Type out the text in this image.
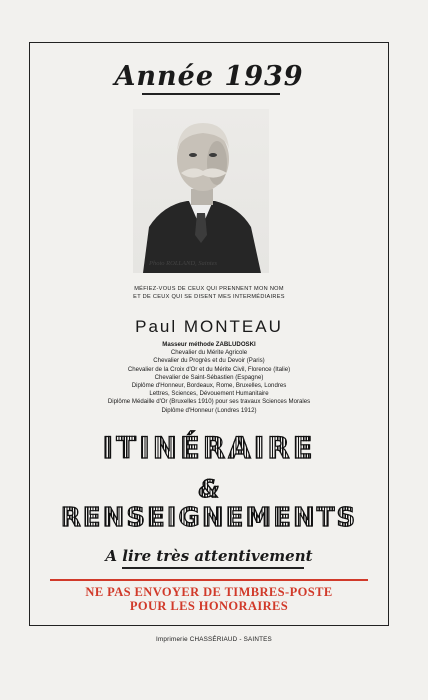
Année 1939
Photo ROLLAND, Saintes
MÉFIEZ-VOUS DE CEUX QUI PRENNENT MON NOM
ET DE CEUX QUI SE DISENT MES INTERMÉDIAIRES
Paul MONTEAU
Masseur méthode ZABLUDOSKI
Chevalier du Mérite Agricole
Chevalier du Progrès et du Devoir (Paris)
Chevalier de la Croix d'Or et du Mérite Civil, Florence (Italie)
Chevalier de Saint-Sébastien (Espagne)
Diplôme d'Honneur, Bordeaux, Rome, Bruxelles, Londres
Lettres, Sciences, Dévouement Humanitaire
Diplôme Médaille d'Or (Bruxelles 1910) pour ses travaux Sciences Morales
Diplôme d'Honneur (Londres 1912)
ITINÉRAIRE
&
RENSEIGNEMENTS
A lire très attentivement
NE PAS ENVOYER DE TIMBRES-POSTE
POUR LES HONORAIRES
Imprimerie CHASSÉRIAUD - SAINTES
